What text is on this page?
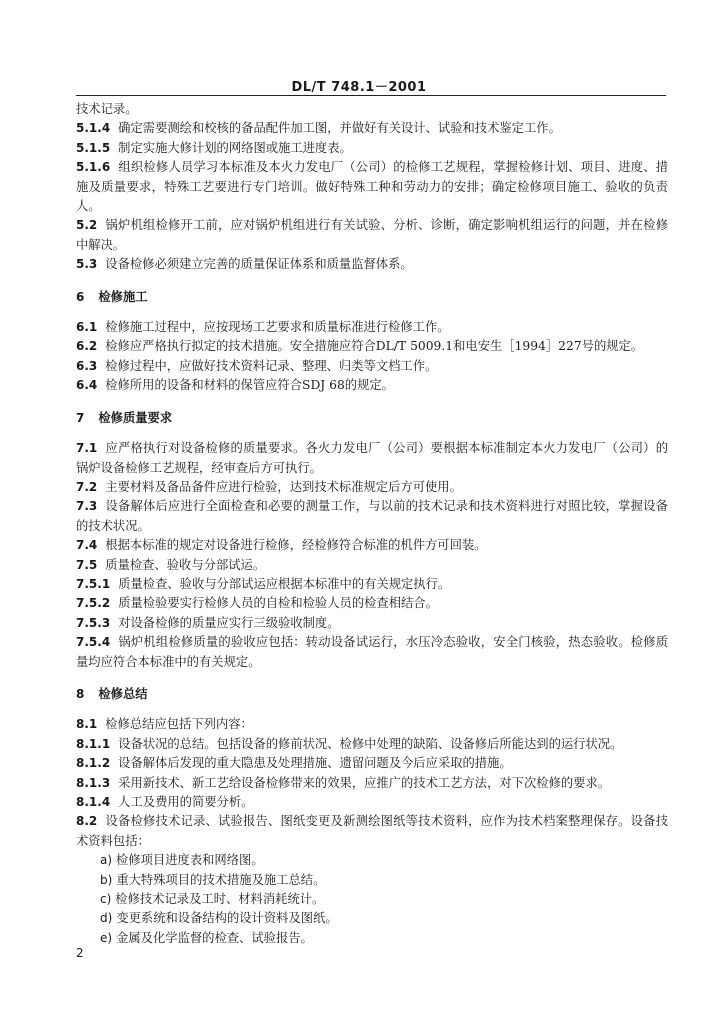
DL/T 748.1－2001
技术记录。
5.1.4 确定需要测绘和校核的备品配件加工图，并做好有关设计、试验和技术鉴定工作。
5.1.5 制定实施大修计划的网络图或施工进度表。
5.1.6 组织检修人员学习本标准及本火力发电厂（公司）的检修工艺规程，掌握检修计划、项目、进度、措施及质量要求，特殊工艺要进行专门培训。做好特殊工种和劳动力的安排；确定检修项目施工、验收的负责人。
5.2 锅炉机组检修开工前，应对锅炉机组进行有关试验、分析、诊断，确定影响机组运行的问题，并在检修中解决。
5.3 设备检修必须建立完善的质量保证体系和质量监督体系。
6 检修施工
6.1 检修施工过程中，应按现场工艺要求和质量标准进行检修工作。
6.2 检修应严格执行拟定的技术措施。安全措施应符合DL/T 5009.1和电安生［1994］227号的规定。
6.3 检修过程中，应做好技术资料记录、整理、归类等文档工作。
6.4 检修所用的设备和材料的保管应符合SDJ 68的规定。
7 检修质量要求
7.1 应严格执行对设备检修的质量要求。各火力发电厂（公司）要根据本标准制定本火力发电厂（公司）的锅炉设备检修工艺规程，经审查后方可执行。
7.2 主要材料及备品备件应进行检验，达到技术标准规定后方可使用。
7.3 设备解体后应进行全面检查和必要的测量工作，与以前的技术记录和技术资料进行对照比较，掌握设备的技术状况。
7.4 根据本标准的规定对设备进行检修，经检修符合标准的机件方可回装。
7.5 质量检查、验收与分部试运。
7.5.1 质量检查、验收与分部试运应根据本标准中的有关规定执行。
7.5.2 质量检验要实行检修人员的自检和检验人员的检查相结合。
7.5.3 对设备检修的质量应实行三级验收制度。
7.5.4 锅炉机组检修质量的验收应包括：转动设备试运行，水压冷态验收，安全门核验，热态验收。检修质量均应符合本标准中的有关规定。
8 检修总结
8.1 检修总结应包括下列内容：
8.1.1 设备状况的总结。包括设备的修前状况、检修中处理的缺陷、设备修后所能达到的运行状况。
8.1.2 设备解体后发现的重大隐患及处理措施、遗留问题及今后应采取的措施。
8.1.3 采用新技术、新工艺给设备检修带来的效果，应推广的技术工艺方法，对下次检修的要求。
8.1.4 人工及费用的简要分析。
8.2 设备检修技术记录、试验报告、图纸变更及新测绘图纸等技术资料，应作为技术档案整理保存。设备技术资料包括：
a) 检修项目进度表和网络图。
b) 重大特殊项目的技术措施及施工总结。
c) 检修技术记录及工时、材料消耗统计。
d) 变更系统和设备结构的设计资料及图纸。
e) 金属及化学监督的检查、试验报告。
2
